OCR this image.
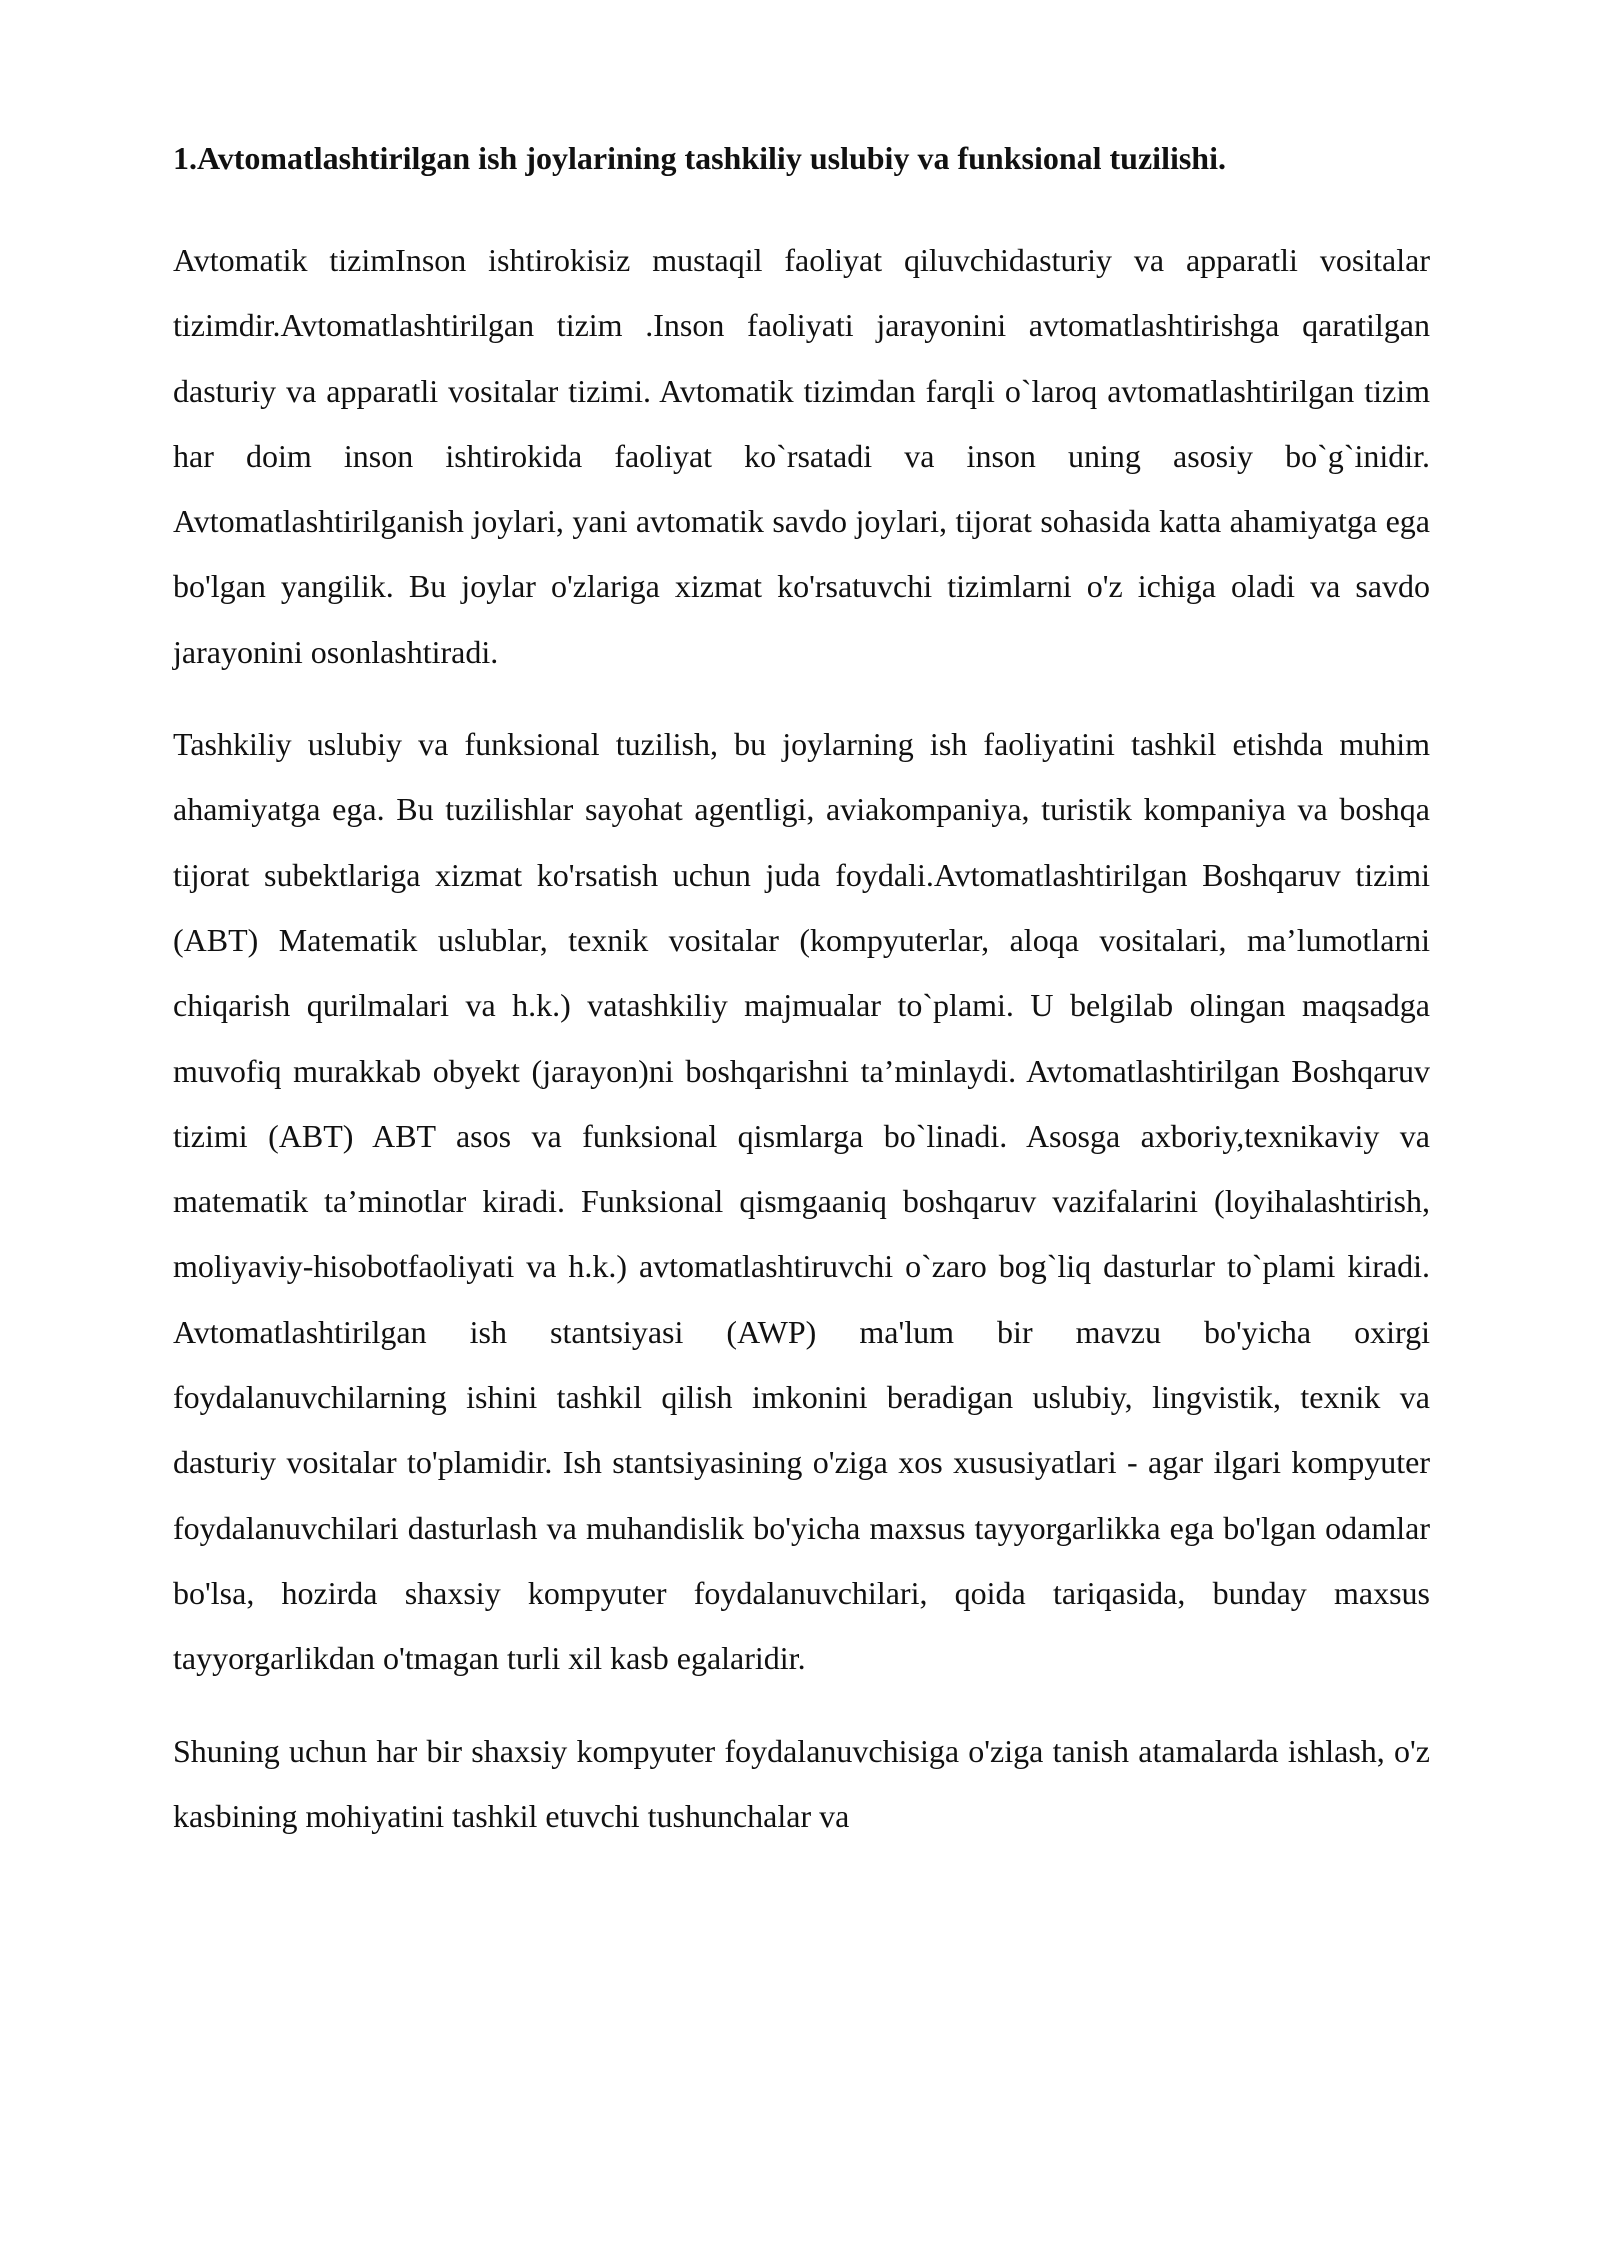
1.Avtomatlashtirilgan ish joylarining tashkiliy uslubiy va funksional tuzilishi.

Avtomatik tizimInson ishtirokisiz mustaqil faoliyat qiluvchidasturiy va apparatli vositalar tizimdir.Avtomatlashtirilgan tizim .Inson faoliyati jarayonini avtomatlashtirishga qaratilgan dasturiy va apparatli vositalar tizimi. Avtomatik tizimdan farqli o`laroq avtomatlashtirilgan tizim har doim inson ishtirokida faoliyat ko`rsatadi va inson uning asosiy bo`g`inidir. Avtomatlashtirilganish joylari, yani avtomatik savdo joylari, tijorat sohasida katta ahamiyatga ega bo'lgan yangilik. Bu joylar o'zlariga xizmat ko'rsatuvchi tizimlarni o'z ichiga oladi va savdo jarayonini osonlashtiradi.

Tashkiliy uslubiy va funksional tuzilish, bu joylarning ish faoliyatini tashkil etishda muhim ahamiyatga ega. Bu tuzilishlar sayohat agentligi, aviakompaniya, turistik kompaniya va boshqa tijorat subektlariga xizmat ko'rsatish uchun juda foydali.Avtomatlashtirilgan Boshqaruv tizimi (ABT) Matematik uslublar, texnik vositalar (kompyuterlar, aloqa vositalari, ma’lumotlarni chiqarish qurilmalari va h.k.) vatashkiliy majmualar to`plami. U belgilab olingan maqsadga muvofiq murakkab obyekt (jarayon)ni boshqarishni ta’minlaydi. Avtomatlashtirilgan Boshqaruv tizimi (ABT) ABT asos va funksional qismlarga bo`linadi. Asosga axboriy,texnikaviy va matematik ta’minotlar kiradi. Funksional qismgaaniq boshqaruv vazifalarini (loyihalashtirish, moliyaviy-hisobotfaoliyati va h.k.) avtomatlashtiruvchi o`zaro bog`liq dasturlar to`plami kiradi. Avtomatlashtirilgan ish stantsiyasi (AWP) ma'lum bir mavzu bo'yicha oxirgi foydalanuvchilarning ishini tashkil qilish imkonini beradigan uslubiy, lingvistik, texnik va dasturiy vositalar to'plamidir. Ish stantsiyasining o'ziga xos xususiyatlari - agar ilgari kompyuter foydalanuvchilari dasturlash va muhandislik bo'yicha maxsus tayyorgarlikka ega bo'lgan odamlar bo'lsa, hozirda shaxsiy kompyuter foydalanuvchilari, qoida tariqasida, bunday maxsus tayyorgarlikdan o'tmagan turli xil kasb egalaridir.

Shuning uchun har bir shaxsiy kompyuter foydalanuvchisiga o'ziga tanish atamalarda ishlash, o'z kasbining mohiyatini tashkil etuvchi tushunchalar va
